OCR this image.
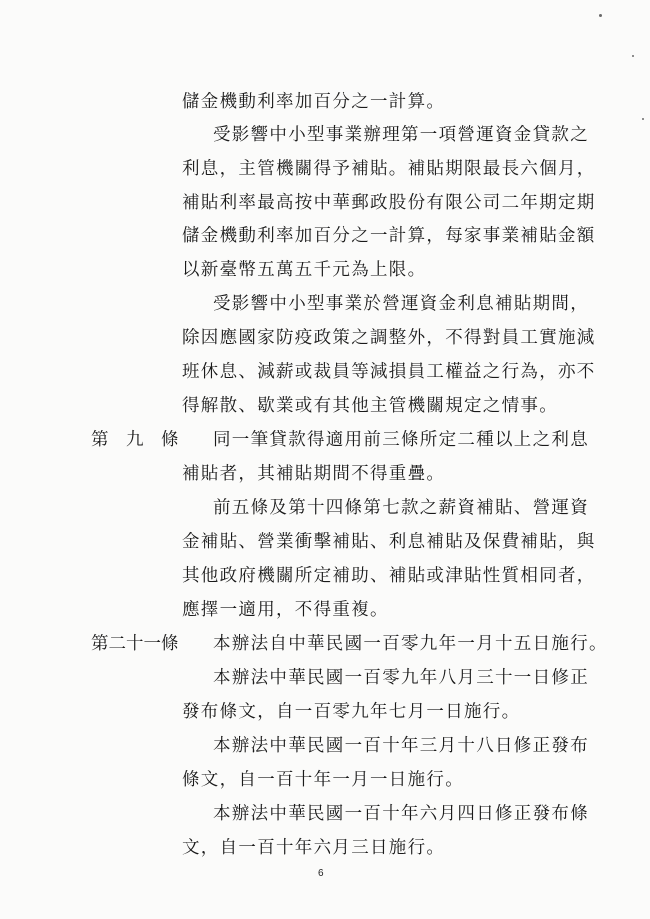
儲金機動利率加百分之一計算。
受影響中小型事業辦理第一項營運資金貸款之
利息，主管機關得予補貼。補貼期限最長六個月，
補貼利率最高按中華郵政股份有限公司二年期定期
儲金機動利率加百分之一計算，每家事業補貼金額
以新臺幣五萬五千元為上限。
受影響中小型事業於營運資金利息補貼期間，
除因應國家防疫政策之調整外，不得對員工實施減
班休息、減薪或裁員等減損員工權益之行為，亦不
得解散、歇業或有其他主管機關規定之情事。
第　九　條 同一筆貸款得適用前三條所定二種以上之利息
補貼者，其補貼期間不得重疊。
前五條及第十四條第七款之薪資補貼、營運資
金補貼、營業衝擊補貼、利息補貼及保費補貼，與
其他政府機關所定補助、補貼或津貼性質相同者，
應擇一適用，不得重複。
第二十一條 本辦法自中華民國一百零九年一月十五日施行。
本辦法中華民國一百零九年八月三十一日修正
發布條文，自一百零九年七月一日施行。
本辦法中華民國一百十年三月十八日修正發布
條文，自一百十年一月一日施行。
本辦法中華民國一百十年六月四日修正發布條
文，自一百十年六月三日施行。
6
